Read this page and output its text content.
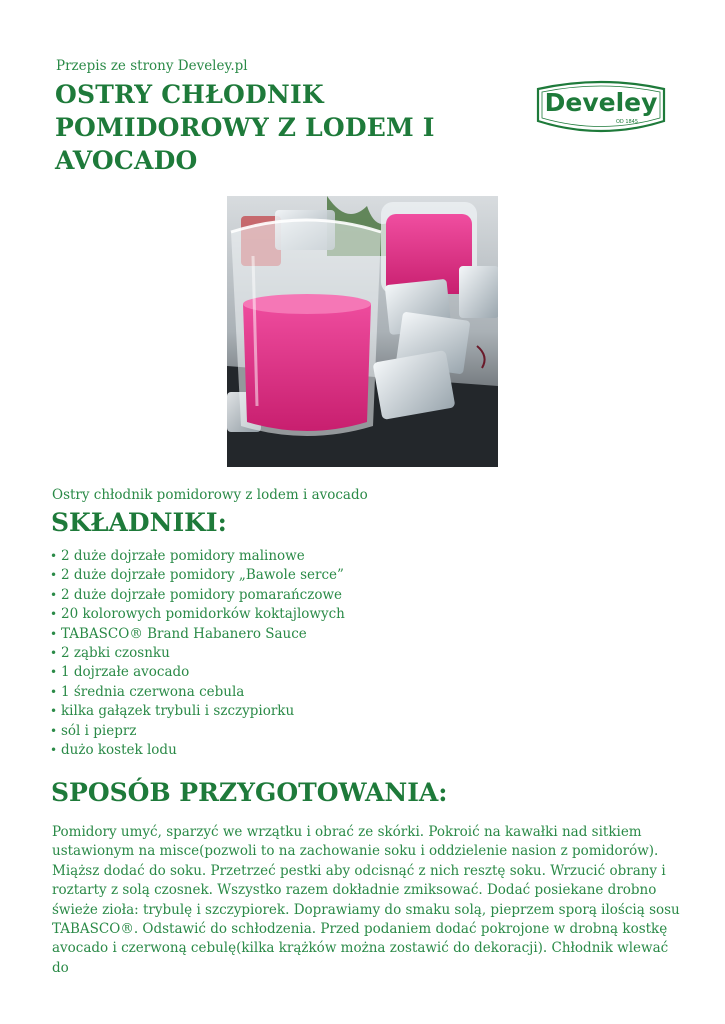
Przepis ze strony Develey.pl
OSTRY CHŁODNIK POMIDOROWY Z LODEM I AVOCADO
Develey
OD 1845
Ostry chłodnik pomidorowy z lodem i avocado
SKŁADNIKI:
• 2 duże dojrzałe pomidory malinowe
• 2 duże dojrzałe pomidory „Bawole serce”
• 2 duże dojrzałe pomidory pomarańczowe
• 20 kolorowych pomidorków koktajlowych
• TABASCO® Brand Habanero Sauce
• 2 ząbki czosnku
• 1 dojrzałe avocado
• 1 średnia czerwona cebula
• kilka gałązek trybuli i szczypiorku
• sól i pieprz
• dużo kostek lodu
SPOSÓB PRZYGOTOWANIA:

Pomidory umyć, sparzyć we wrzątku i obrać ze skórki. Pokroić na kawałki nad sitkiem ustawionym na misce(pozwoli to na zachowanie soku i oddzielenie nasion z pomidorów). Miąższ dodać do soku. Przetrzeć pestki aby odcisnąć z nich resztę soku. Wrzucić obrany i roztarty z solą czosnek. Wszystko razem dokładnie zmiksować. Dodać posiekane drobno świeże zioła: trybulę i szczypiorek. Doprawiamy do smaku solą, pieprzem sporą ilością sosu TABASCO®. Odstawić do schłodzenia. Przed podaniem dodać pokrojone w drobną kostkę avocado i czerwoną cebulę(kilka krążków można zostawić do dekoracji). Chłodnik wlewać do
